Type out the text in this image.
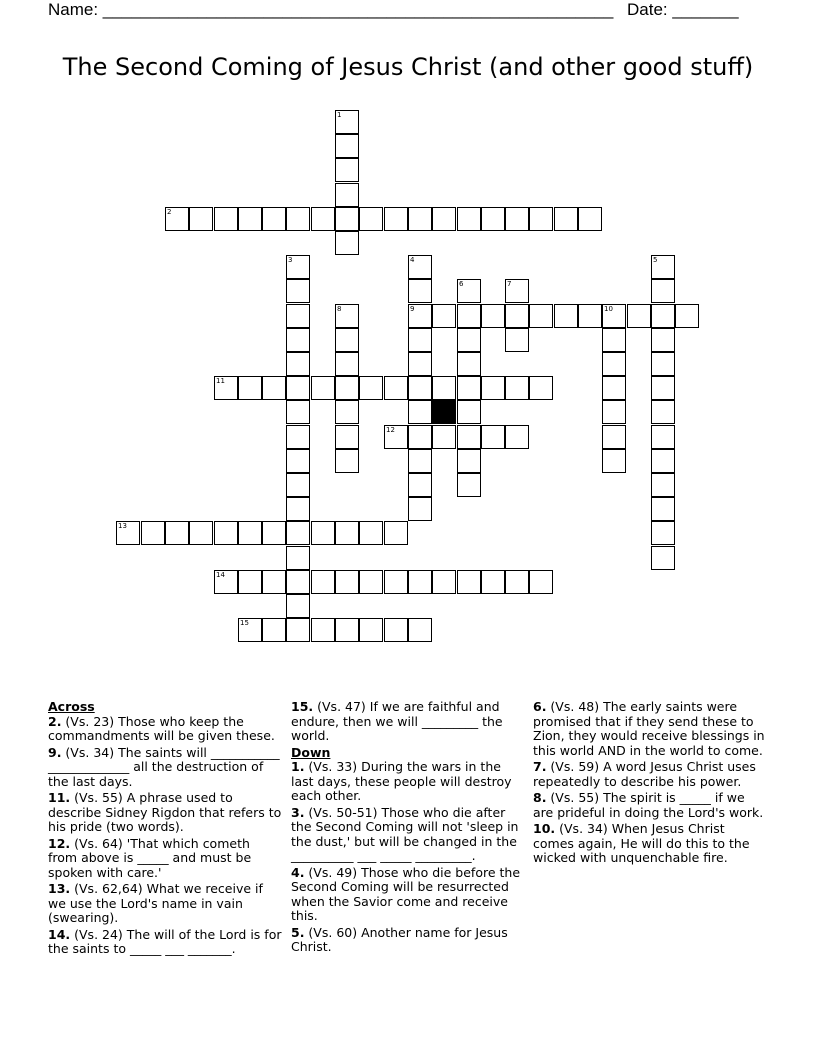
Name: ______________________________________________________ Date: _______
The Second Coming of Jesus Christ (and other good stuff)
2
9	10
11
12
13
14
15
1
3	4	5
6	7
8
Across
2. (Vs. 23) Those who keep the commandments will be given these.
9. (Vs. 34) The saints will ___________ _____________ all the destruction of the last days.
11. (Vs. 55) A phrase used to describe Sidney Rigdon that refers to his pride (two words).
12. (Vs. 64) 'That which cometh from above is _____ and must be spoken with care.'
13. (Vs. 62,64) What we receive if we use the Lord's name in vain (swearing).
14. (Vs. 24) The will of the Lord is for the saints to _____ ___ _______.
15. (Vs. 47) If we are faithful and endure, then we will _________ the world.
Down
1. (Vs. 33) During the wars in the last days, these people will destroy each other.
3. (Vs. 50-51) Those who die after the Second Coming will not 'sleep in the dust,' but will be changed in the __________ ___ _____ _________.
4. (Vs. 49) Those who die before the Second Coming will be resurrected when the Savior come and receive this.
5. (Vs. 60) Another name for Jesus Christ.
6. (Vs. 48) The early saints were promised that if they send these to Zion, they would receive blessings in this world AND in the world to come.
7. (Vs. 59) A word Jesus Christ uses repeatedly to describe his power.
8. (Vs. 55) The spirit is _____ if we are prideful in doing the Lord's work.
10. (Vs. 34) When Jesus Christ comes again, He will do this to the wicked with unquenchable fire.
